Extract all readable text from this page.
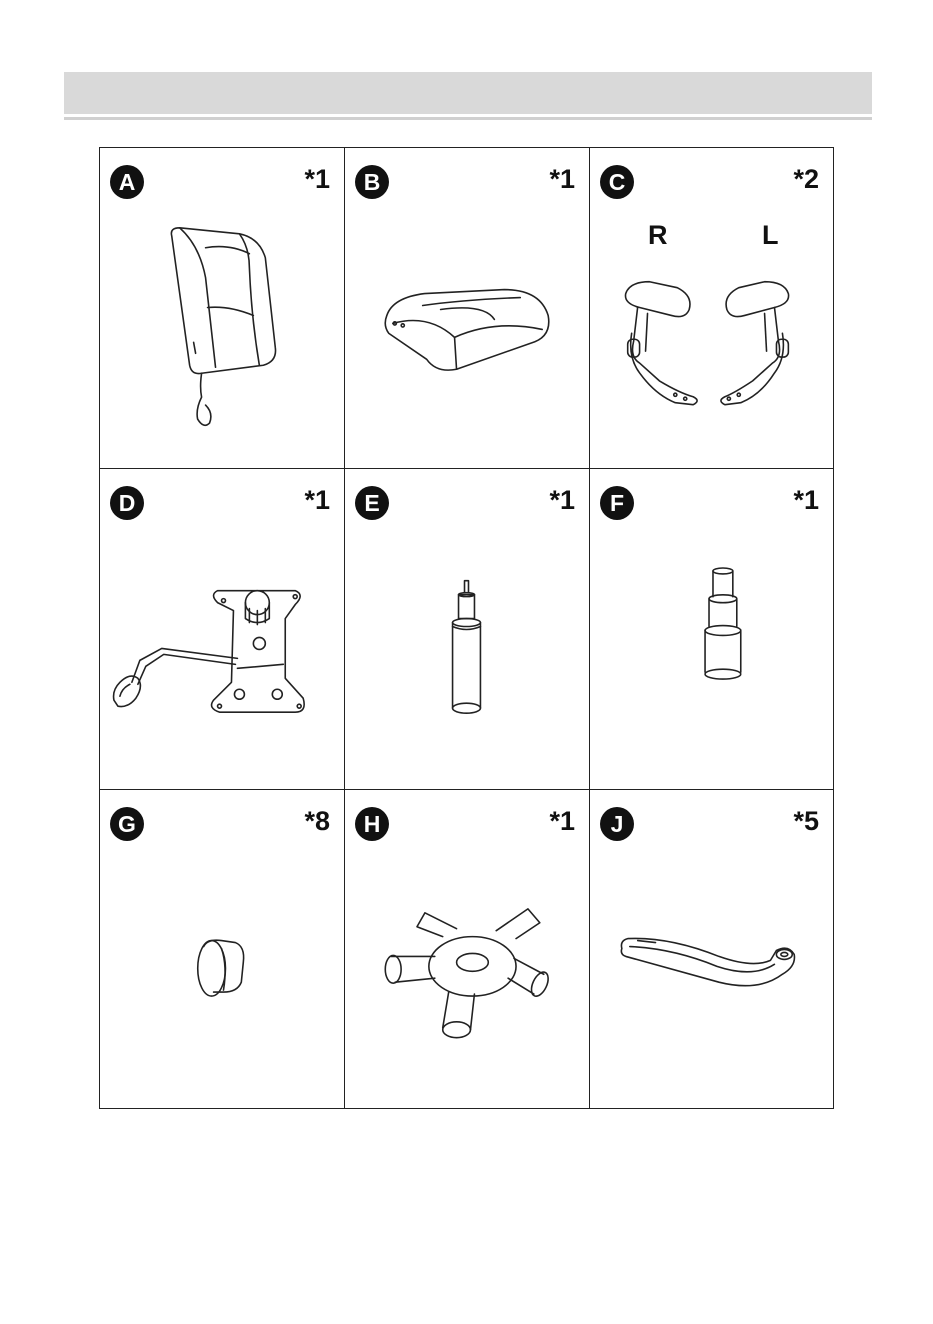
A	*1	B	*1	C	*2
R	L
D	*1	E	*1	F	*1
G	*8	H	*1	J	*5
